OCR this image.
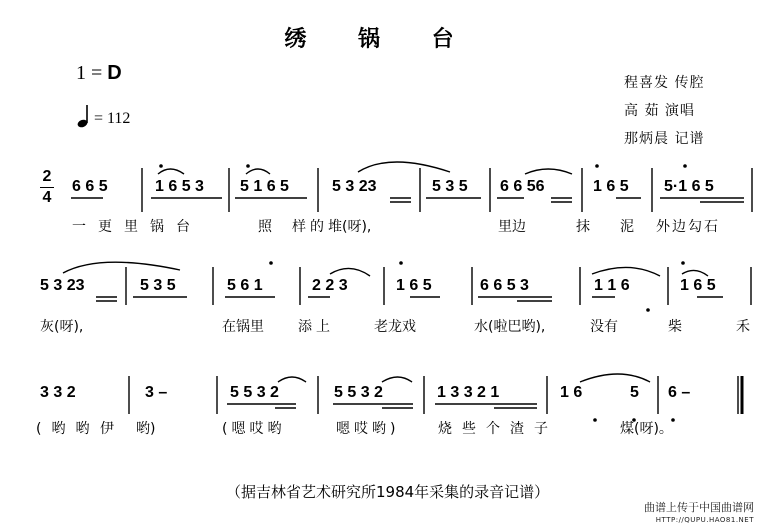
绣 锅 台
1 = D
= 112
程喜发 传腔
高 茹 演唱
那炳晨 记谱
2
4
6 6 5	1 6 5 3 5 1 6 5	5 3 23	5 3 5 6 6 56	1 6 5 5·1 6 5
一更里锅台	照 样的 堆(呀),	里边	抹 泥 外边勾石
5 3 23	5 3 5	5 6 1	2 2 3	1 6 5	6 6 5 3	1 1 6	1 6 5
灰(呀),	在锅里 添上	老龙戏	水(啦巴哟),	没有	柴	禾
3 3 2	3 –	5 5 3 2	5 5 3 2	1 3 3 2 1	1 6	5 6 –
(哟哟 伊 哟)	(嗯哎哟	嗯哎哟)	烧些个渣子	煤(呀)。
（据吉林省艺术研究所1984年采集的录音记谱）
曲谱上传于中国曲谱网
HTTP://QUPU.HAO81.NET
